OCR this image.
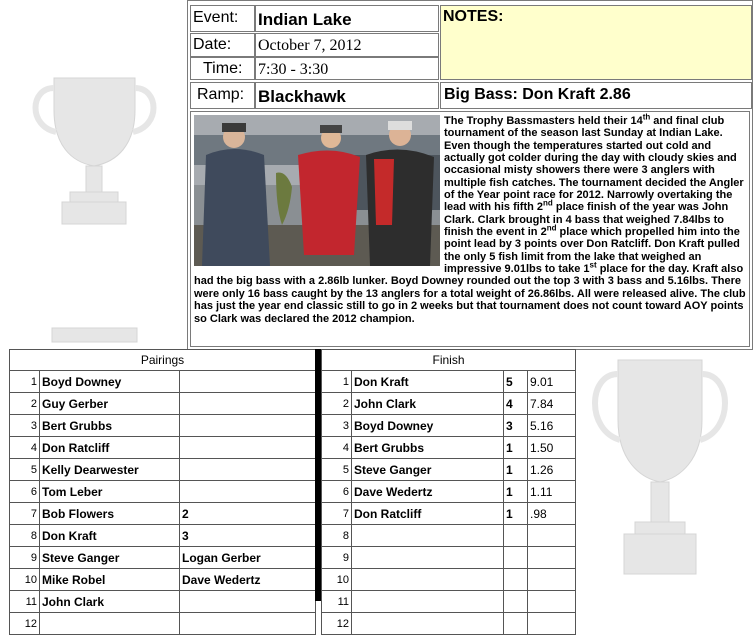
Event: Indian Lake
Date: October 7, 2012
Time: 7:30 - 3:30
NOTES:
Ramp: Blackhawk	Big Bass: Don Kraft 2.86
The Trophy Bassmasters held their 14th and final club tournament of the season last Sunday at Indian Lake. Even though the temperatures started out cold and actually got colder during the day with cloudy skies and occasional misty showers there were 3 anglers with multiple fish catches. The tournament decided the Angler of the Year point race for 2012. Narrowly overtaking the lead with his fifth 2nd place finish of the year was John Clark. Clark brought in 4 bass that weighed 7.84lbs to finish the event in 2nd place which propelled him into the point lead by 3 points over Don Ratcliff. Don Kraft pulled the only 5 fish limit from the lake that weighed an impressive 9.01lbs to take 1st place for the day. Kraft also had the big bass with a 2.86lb lunker. Boyd Downey rounded out the top 3 with 3 bass and 5.16lbs. There were only 16 bass caught by the 13 anglers for a total weight of 26.86lbs. All were released alive. The club has just the year end classic still to go in 2 weeks but that tournament does not count toward AOY points so Clark was declared the 2012 champion.
Pairings		
1	Boyd Downey	
2	Guy Gerber	
3	Bert Grubbs	
4	Don Ratcliff	
5	Kelly Dearwester	
6	Tom Leber	
7	Bob Flowers	2
8	Don Kraft	3
9	Steve Ganger	Logan Gerber
10	Mike Robel	Dave Wedertz
11	John Clark	
12		
Finish			
1	Don Kraft	5	9.01
2	John Clark	4	7.84
3	Boyd Downey	3	5.16
4	Bert Grubbs	1	1.50
5	Steve Ganger	1	1.26
6	Dave Wedertz	1	1.11
7	Don Ratcliff	1	.98
8			
9			
10			
11			
12			
